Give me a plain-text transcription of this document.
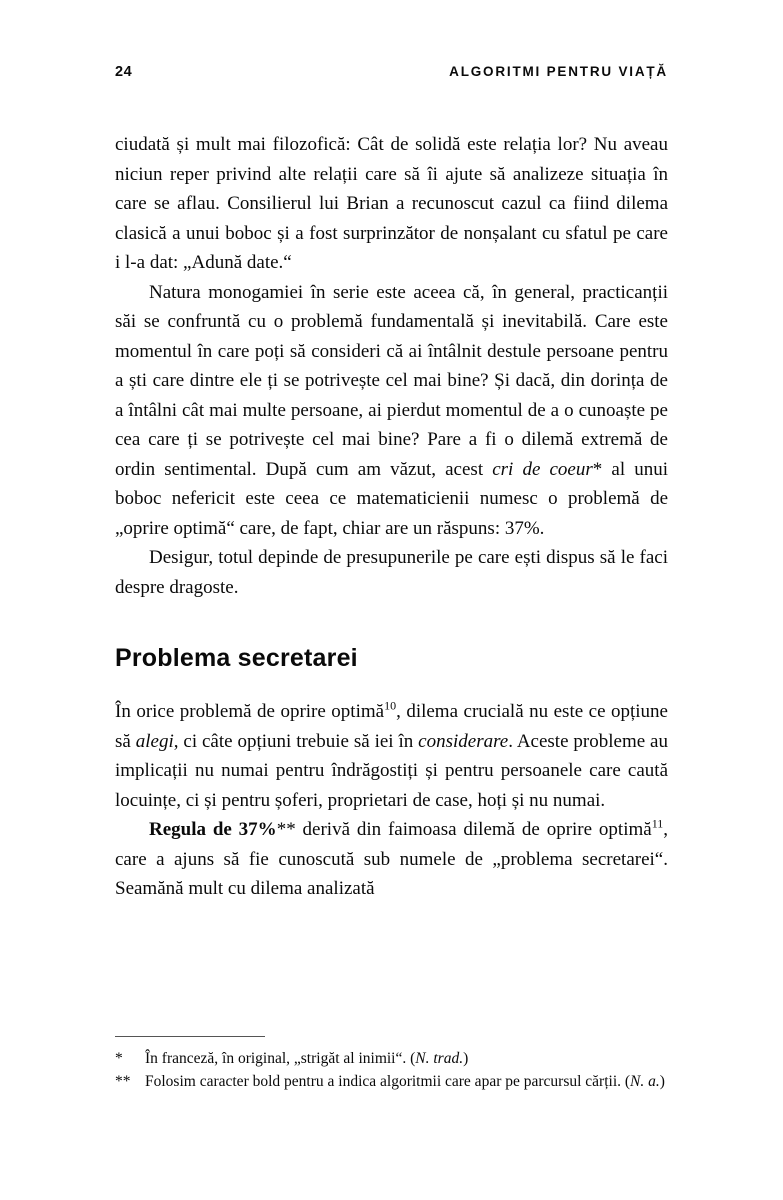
24	ALGORITMI PENTRU VIAȚĂ

ciudată și mult mai filozofică: Cât de solidă este relația lor? Nu aveau niciun reper privind alte relații care să îi ajute să analizeze situația în care se aflau. Consilierul lui Brian a recunoscut cazul ca fiind dilema clasică a unui boboc și a fost surprinzător de nonșalant cu sfatul pe care i l-a dat: „Adună date.“

Natura monogamiei în serie este aceea că, în general, practicanții săi se confruntă cu o problemă fundamentală și inevitabilă. Care este momentul în care poți să consideri că ai întâlnit destule persoane pentru a ști care dintre ele ți se potrivește cel mai bine? Și dacă, din dorința de a întâlni cât mai multe persoane, ai pierdut momentul de a o cunoaște pe cea care ți se potrivește cel mai bine? Pare a fi o dilemă extremă de ordin sentimental. După cum am văzut, acest cri de coeur* al unui boboc nefericit este ceea ce matematicienii numesc o problemă de „oprire optimă“ care, de fapt, chiar are un răspuns: 37%.

Desigur, totul depinde de presupunerile pe care ești dispus să le faci despre dragoste.

Problema secretarei

În orice problemă de oprire optimă$^{10}$, dilema crucială nu este ce opțiune să alegi, ci câte opțiuni trebuie să iei în considerare. Aceste probleme au implicații nu numai pentru îndrăgostiți și pentru persoanele care caută locuințe, ci și pentru șoferi, proprietari de case, hoți și nu numai.

Regula de 37%** derivă din faimoasa dilemă de oprire optimă$^{11}$, care a ajuns să fie cunoscută sub numele de „problema secretarei“. Seamănă mult cu dilema analizată

*	În franceză, în original, „strigăt al inimii“. (N. trad.)
** Folosim caracter bold pentru a indica algoritmii care apar pe parcursul cărții. (N. a.)
